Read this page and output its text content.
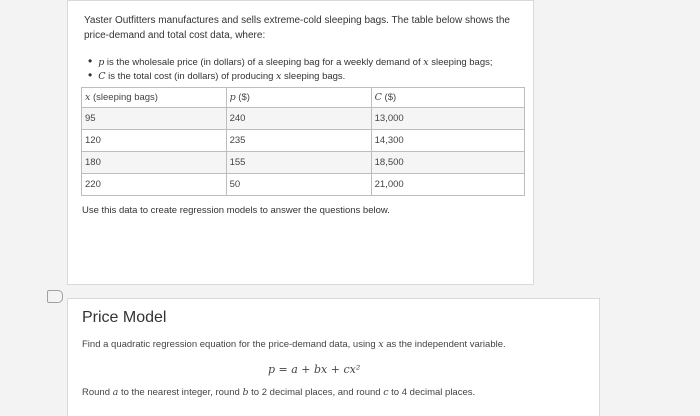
Yaster Outfitters manufactures and sells extreme-cold sleeping bags. The table below shows the price-demand and total cost data, where:
• p is the wholesale price (in dollars) of a sleeping bag for a weekly demand of x sleeping bags;
• C is the total cost (in dollars) of producing x sleeping bags.
x (sleeping bags)	p ($)	C ($)
95	240	13,000
120	235	14,300
180	155	18,500
220	50	21,000
Use this data to create regression models to answer the questions below.
Price Model
Find a quadratic regression equation for the price-demand data, using x as the independent variable.
p = a + bx + cx²
Round a to the nearest integer, round b to 2 decimal places, and round c to 4 decimal places.
